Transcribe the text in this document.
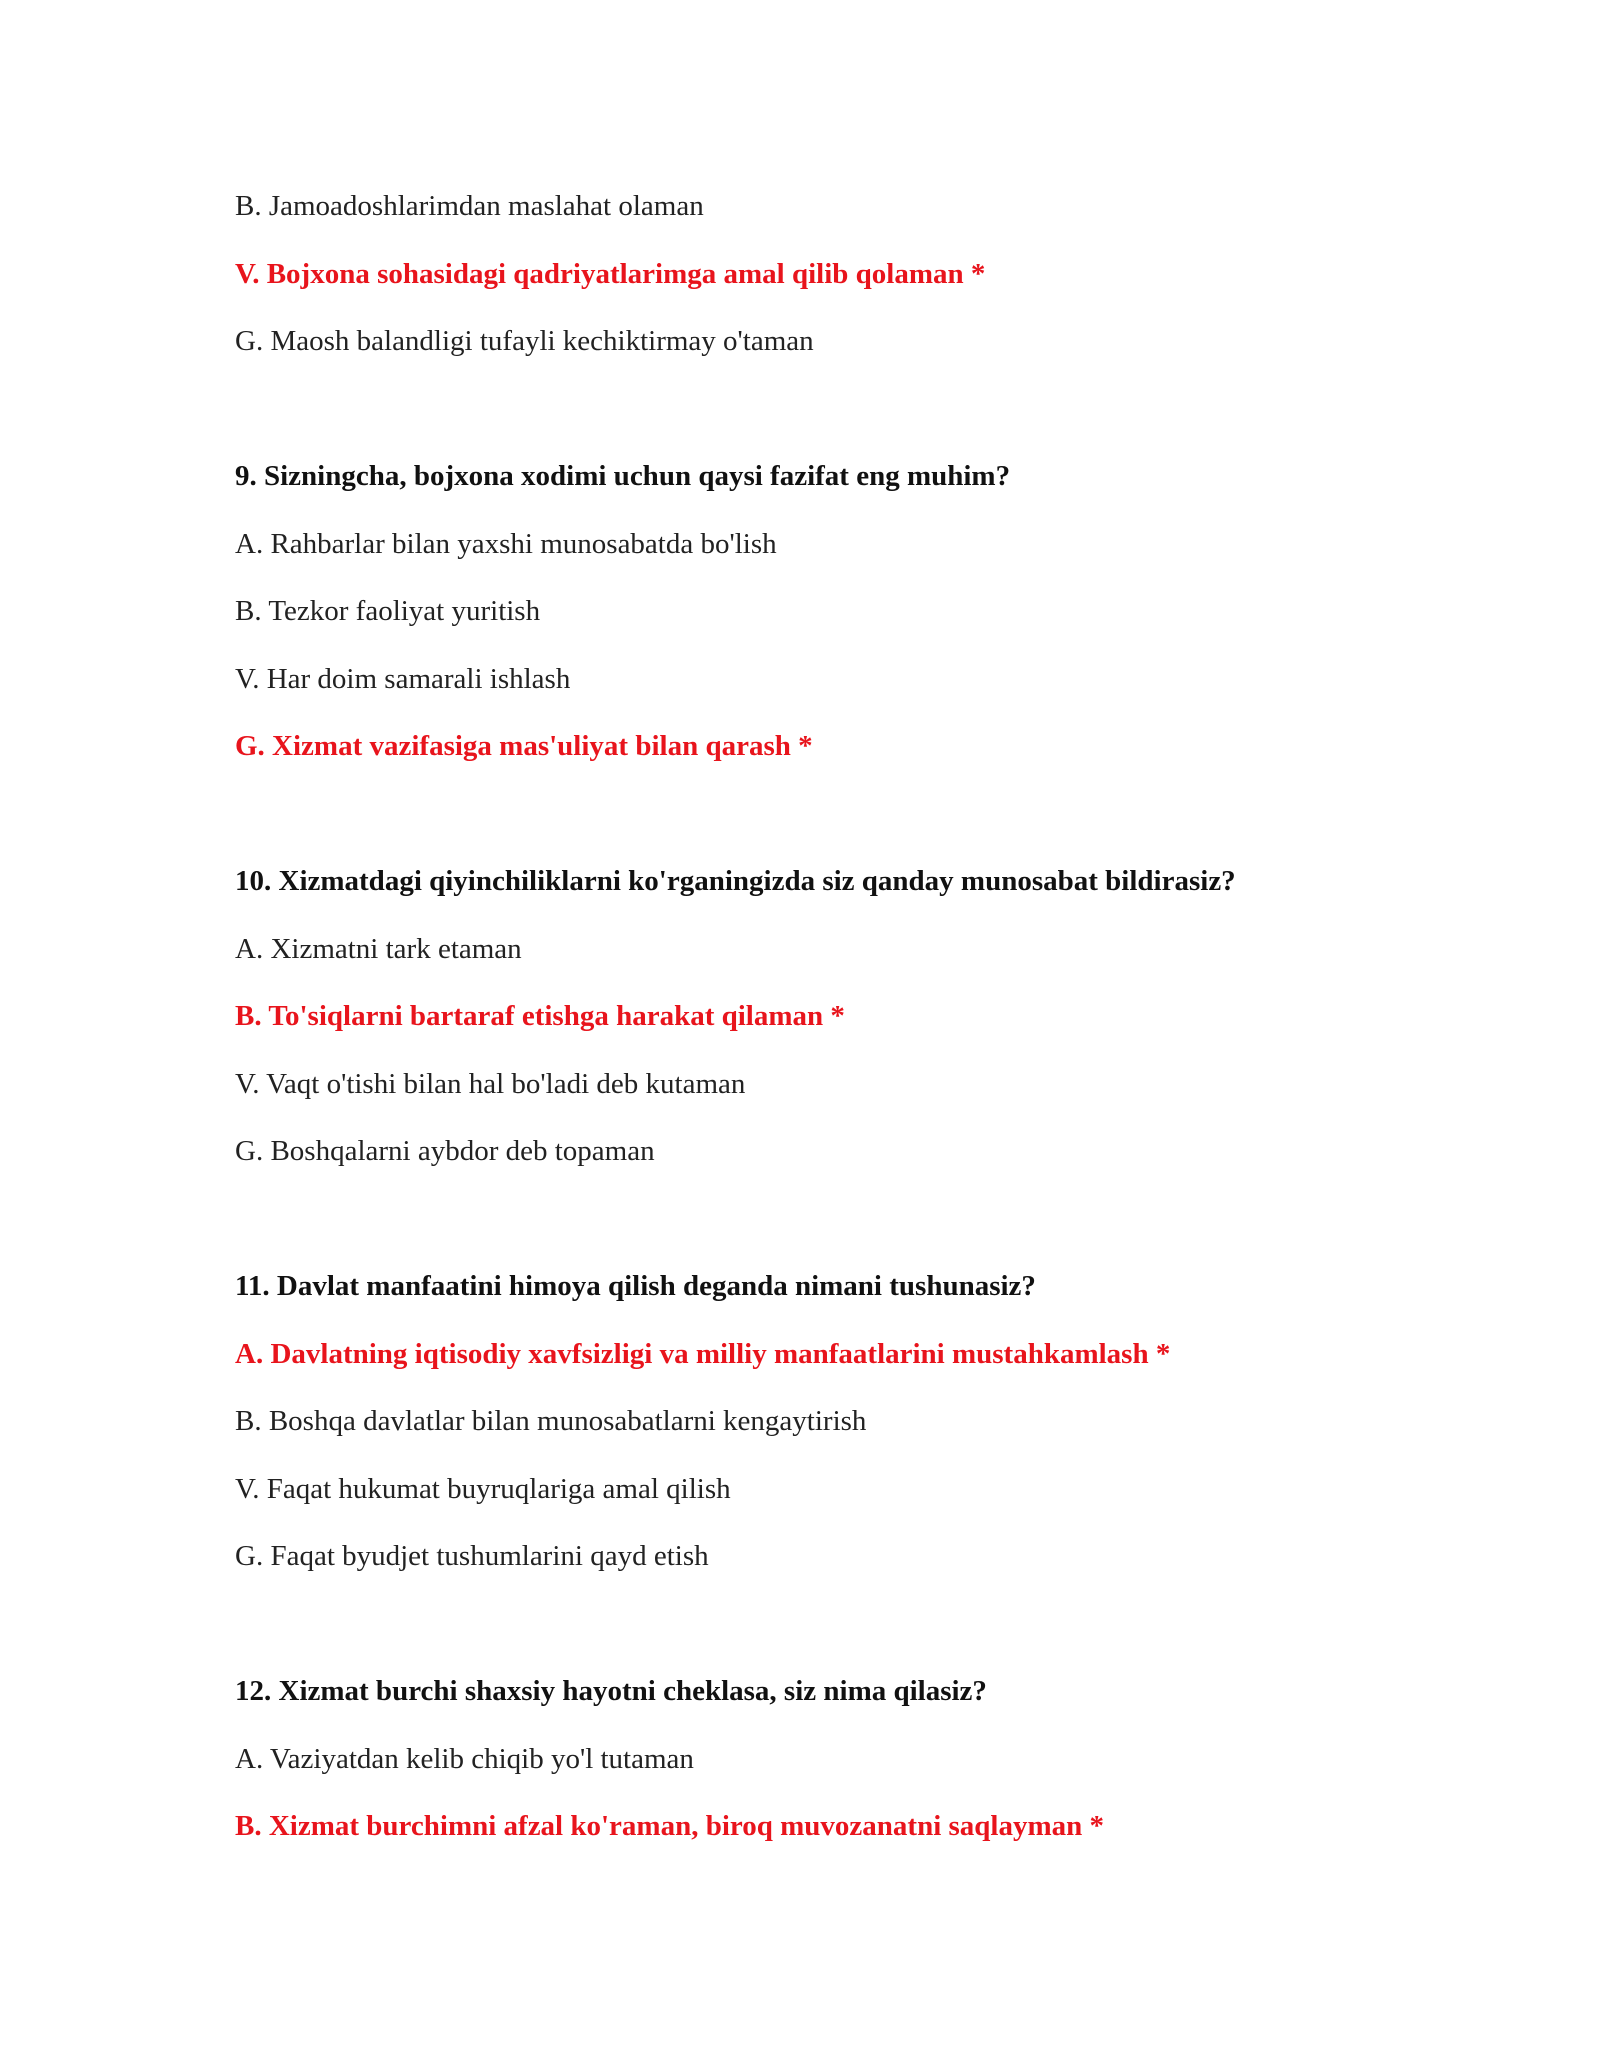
B. Jamoadoshlarimdan maslahat olaman
V. Bojxona sohasidagi qadriyatlarimga amal qilib qolaman *
G. Maosh balandligi tufayli kechiktirmay o'taman
9. Sizningcha, bojxona xodimi uchun qaysi fazifat eng muhim?
A. Rahbarlar bilan yaxshi munosabatda bo'lish
B. Tezkor faoliyat yuritish
V. Har doim samarali ishlash
G. Xizmat vazifasiga mas'uliyat bilan qarash *
10. Xizmatdagi qiyinchiliklarni ko'rganingizda siz qanday munosabat bildirasiz?
A. Xizmatni tark etaman
B. To'siqlarni bartaraf etishga harakat qilaman *
V. Vaqt o'tishi bilan hal bo'ladi deb kutaman
G. Boshqalarni aybdor deb topaman
11. Davlat manfaatini himoya qilish deganda nimani tushunasiz?
A. Davlatning iqtisodiy xavfsizligi va milliy manfaatlarini mustahkamlash *
B. Boshqa davlatlar bilan munosabatlarni kengaytirish
V. Faqat hukumat buyruqlariga amal qilish
G. Faqat byudjet tushumlarini qayd etish
12. Xizmat burchi shaxsiy hayotni cheklasa, siz nima qilasiz?
A. Vaziyatdan kelib chiqib yo'l tutaman
B. Xizmat burchimni afzal ko'raman, biroq muvozanatni saqlayman *
